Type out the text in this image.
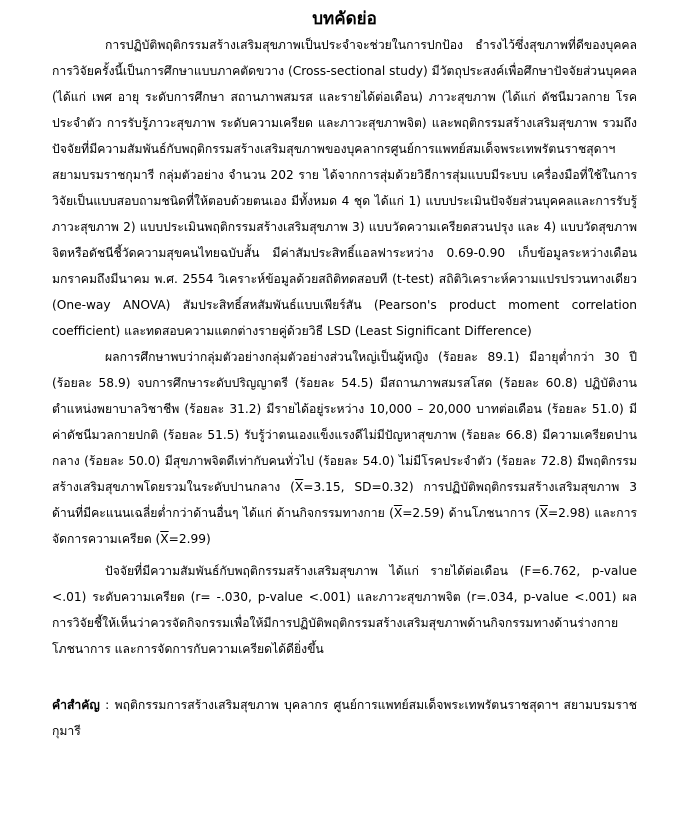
บทคัดย่อ

การปฏิบัติพฤติกรรมสร้างเสริมสุขภาพเป็นประจำจะช่วยในการปกป้อง ธำรงไว้ซึ่งสุขภาพที่ดีของบุคคล การวิจัยครั้งนี้เป็นการศึกษาแบบภาคตัดขวาง (Cross-sectional study) มีวัตถุประสงค์เพื่อศึกษาปัจจัยส่วนบุคคล (ได้แก่ เพศ อายุ ระดับการศึกษา สถานภาพสมรส และรายได้ต่อเดือน) ภาวะสุขภาพ (ได้แก่ ดัชนีมวลกาย โรคประจำตัว การรับรู้ภาวะสุขภาพ ระดับความเครียด และภาวะสุขภาพจิต) และพฤติกรรมสร้างเสริมสุขภาพ รวมถึงปัจจัยที่มีความสัมพันธ์กับพฤติกรรมสร้างเสริมสุขภาพของบุคลากรศูนย์การแพทย์สมเด็จพระเทพรัตนราชสุดาฯ สยามบรมราชกุมารี กลุ่มตัวอย่าง จำนวน 202 ราย ได้จากการสุ่มด้วยวิธีการสุ่มแบบมีระบบ เครื่องมือที่ใช้ในการวิจัยเป็นแบบสอบถามชนิดที่ให้ตอบด้วยตนเอง มีทั้งหมด 4 ชุด ได้แก่ 1) แบบประเมินปัจจัยส่วนบุคคลและการรับรู้ภาวะสุขภาพ 2) แบบประเมินพฤติกรรมสร้างเสริมสุขภาพ 3) แบบวัดความเครียดสวนปรุง และ 4) แบบวัดสุขภาพจิตหรือดัชนีชี้วัดความสุขคนไทยฉบับสั้น มีค่าสัมประสิทธิ์แอลฟาระหว่าง 0.69-0.90 เก็บข้อมูลระหว่างเดือนมกราคมถึงมีนาคม พ.ศ. 2554 วิเคราะห์ข้อมูลด้วยสถิติทดสอบที (t-test) สถิติวิเคราะห์ความแปรปรวนทางเดียว (One-way ANOVA) สัมประสิทธิ์สหสัมพันธ์แบบเพียร์สัน (Pearson's product moment correlation coefficient) และทดสอบความแตกต่างรายคู่ด้วยวิธี LSD (Least Significant Difference)

ผลการศึกษาพบว่ากลุ่มตัวอย่างกลุ่มตัวอย่างส่วนใหญ่เป็นผู้หญิง (ร้อยละ 89.1) มีอายุต่ำกว่า 30 ปี (ร้อยละ 58.9) จบการศึกษาระดับปริญญาตรี (ร้อยละ 54.5) มีสถานภาพสมรสโสด (ร้อยละ 60.8) ปฏิบัติงานตำแหน่งพยาบาลวิชาชีพ (ร้อยละ 31.2) มีรายได้อยู่ระหว่าง 10,000 – 20,000 บาทต่อเดือน (ร้อยละ 51.0) มีค่าดัชนีมวลกายปกติ (ร้อยละ 51.5) รับรู้ว่าตนเองแข็งแรงดีไม่มีปัญหาสุขภาพ (ร้อยละ 66.8) มีความเครียดปานกลาง (ร้อยละ 50.0) มีสุขภาพจิตดีเท่ากับคนทั่วไป (ร้อยละ 54.0) ไม่มีโรคประจำตัว (ร้อยละ 72.8) มีพฤติกรรมสร้างเสริมสุขภาพโดยรวมในระดับปานกลาง ($\overline{X}=3.15$, SD=0.32) การปฏิบัติพฤติกรรมสร้างเสริมสุขภาพ 3 ด้านที่มีคะแนนเฉลี่ยต่ำกว่าด้านอื่นๆ ได้แก่ ด้านกิจกรรมทางกาย $(\overline{X}=2.59)$ ด้านโภชนาการ $(\overline{X}=2.98)$ และการจัดการความเครียด $(\overline{X}=2.99)$

ปัจจัยที่มีความสัมพันธ์กับพฤติกรรมสร้างเสริมสุขภาพ ได้แก่ รายได้ต่อเดือน (F=6.762, p-value <.01) ระดับความเครียด (r= -.030, p-value <.001) และภาวะสุขภาพจิต (r=.034, p-value <.001) ผลการวิจัยชี้ให้เห็นว่าควรจัดกิจกรรมเพื่อให้มีการปฏิบัติพฤติกรรมสร้างเสริมสุขภาพด้านกิจกรรมทางด้านร่างกาย โภชนาการ และการจัดการกับความเครียดได้ดียิ่งขึ้น

คำสำคัญ : พฤติกรรมการสร้างเสริมสุขภาพ บุคลากร ศูนย์การแพทย์สมเด็จพระเทพรัตนราชสุดาฯ สยามบรมราชกุมารี
